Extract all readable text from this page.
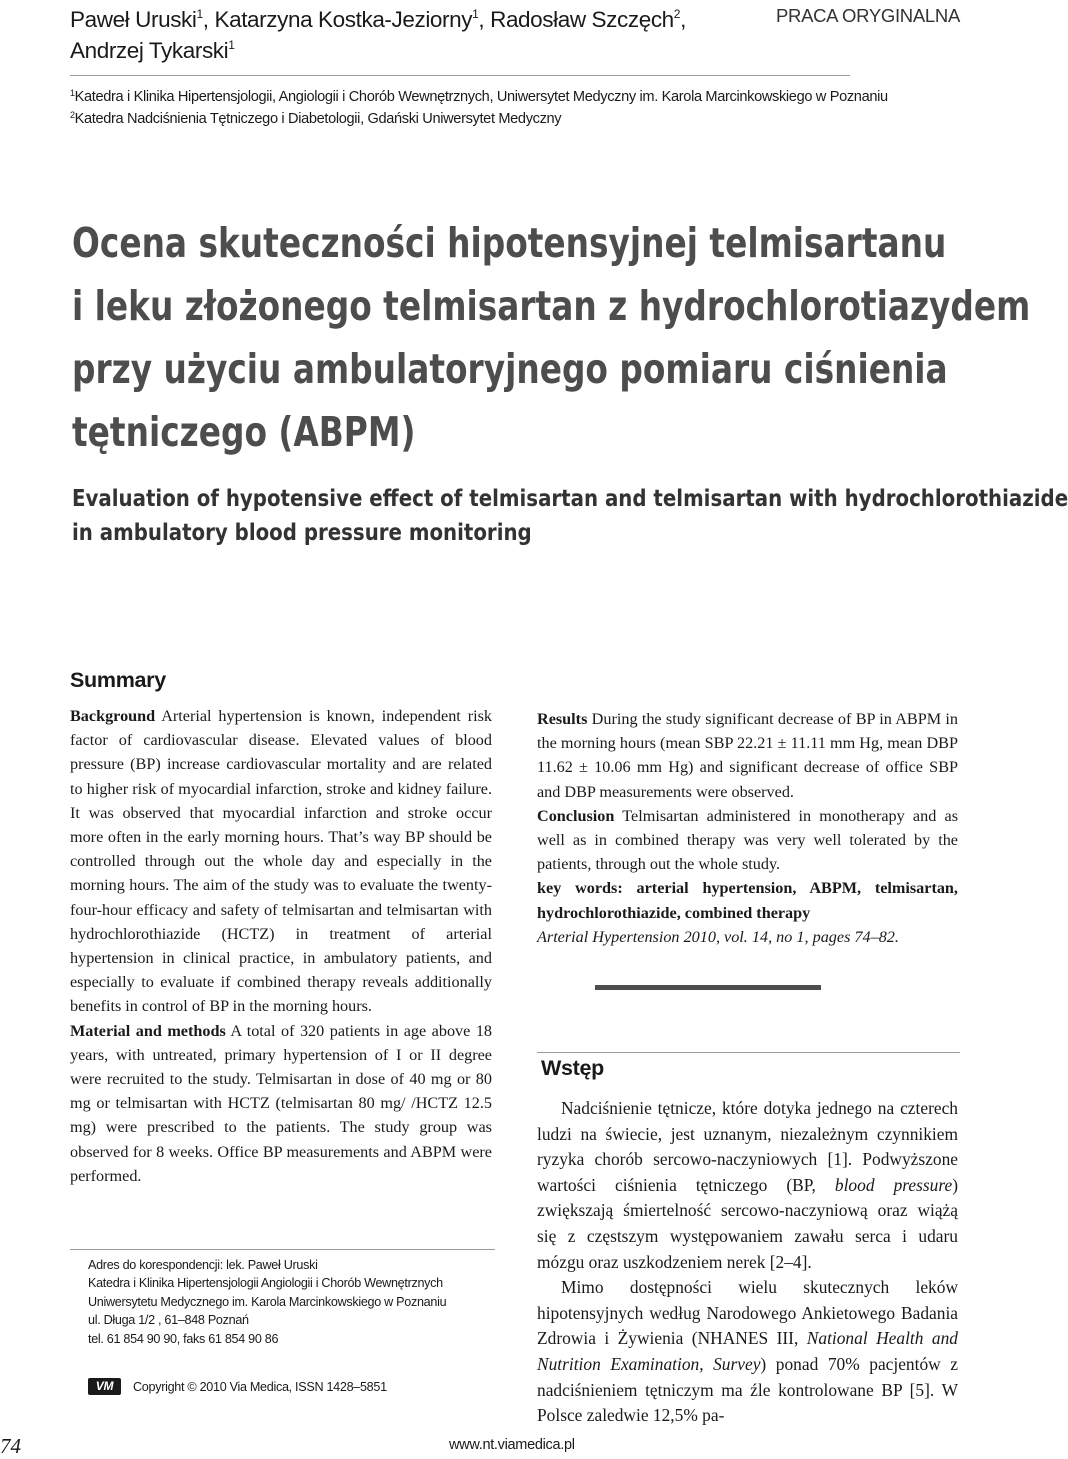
Paweł Uruski$^1$, Katarzyna Kostka-Jeziorny$^1$, Radosław Szczęch$^2$,
Andrzej Tykarski$^1$
PRACA ORYGINALNA
$^1$Katedra i Klinika Hipertensjologii, Angiologii i Chorób Wewnętrznych, Uniwersytet Medyczny im. Karola Marcinkowskiego w Poznaniu
$^2$Katedra Nadciśnienia Tętniczego i Diabetologii, Gdański Uniwersytet Medyczny
Ocena skuteczności hipotensyjnej telmisartanu
i leku złożonego telmisartan z hydrochlorotiazydem
przy użyciu ambulatoryjnego pomiaru ciśnienia
tętniczego (ABPM)
Evaluation of hypotensive effect of telmisartan and telmisartan with hydrochlorothiazide
in ambulatory blood pressure monitoring
Summary

Background Arterial hypertension is known, independent risk factor of cardiovascular disease. Elevated values of blood pressure (BP) increase cardiovascular mortality and are related to higher risk of myocardial infarction, stroke and kidney failure. It was observed that myocardial infarction and stroke occur more often in the early morning hours. That’s way BP should be controlled through out the whole day and especially in the morning hours. The aim of the study was to evaluate the twenty-four-hour efficacy and safety of telmisartan and telmisartan with hydrochlorothiazide (HCTZ) in treatment of arterial hypertension in clinical practice, in ambulatory patients, and especially to evaluate if combined therapy reveals additionally benefits in control of BP in the morning hours.

Material and methods A total of 320 patients in age above 18 years, with untreated, primary hypertension of I or II degree were recruited to the study. Telmisartan in dose of 40 mg or 80 mg or telmisartan with HCTZ (telmisartan 80 mg/ /HCTZ 12.5 mg) were prescribed to the patients. The study group was observed for 8 weeks. Office BP measurements and ABPM were performed.

Results During the study significant decrease of BP in ABPM in the morning hours (mean SBP 22.21 ± 11.11 mm Hg, mean DBP 11.62 ± 10.06 mm Hg) and significant decrease of office SBP and DBP measurements were observed.

Conclusion Telmisartan administered in monotherapy and as well as in combined therapy was very well tolerated by the patients, through out the whole study.

key words: arterial hypertension, ABPM, telmisartan, hydrochlorothiazide, combined therapy

Arterial Hypertension 2010, vol. 14, no 1, pages 74–82.

Wstęp

Nadciśnienie tętnicze, które dotyka jednego na czterech ludzi na świecie, jest uznanym, niezależnym czynnikiem ryzyka chorób sercowo-naczyniowych [1]. Podwyższone wartości ciśnienia tętniczego (BP, blood pressure) zwiększają śmiertelność sercowo-naczyniową oraz wiążą się z częstszym występowaniem zawału serca i udaru mózgu oraz uszkodzeniem nerek [2–4].

Mimo dostępności wielu skutecznych leków hipotensyjnych według Narodowego Ankietowego Badania Zdrowia i Żywienia (NHANES III, National Health and Nutrition Examination, Survey) ponad 70% pacjentów z nadciśnieniem tętniczym ma źle kontrolowane BP [5]. W Polsce zaledwie 12,5% pa-

Adres do korespondencji: lek. Paweł Uruski

Katedra i Klinika Hipertensjologii Angiologii i Chorób Wewnętrznych

Uniwersytetu Medycznego im. Karola Marcinkowskiego w Poznaniu

ul. Długa 1/2 , 61–848 Poznań

tel. 61 854 90 90, faks 61 854 90 86

VM	Copyright © 2010 Via Medica, ISSN 1428–5851
74	www.nt.viamedica.pl
